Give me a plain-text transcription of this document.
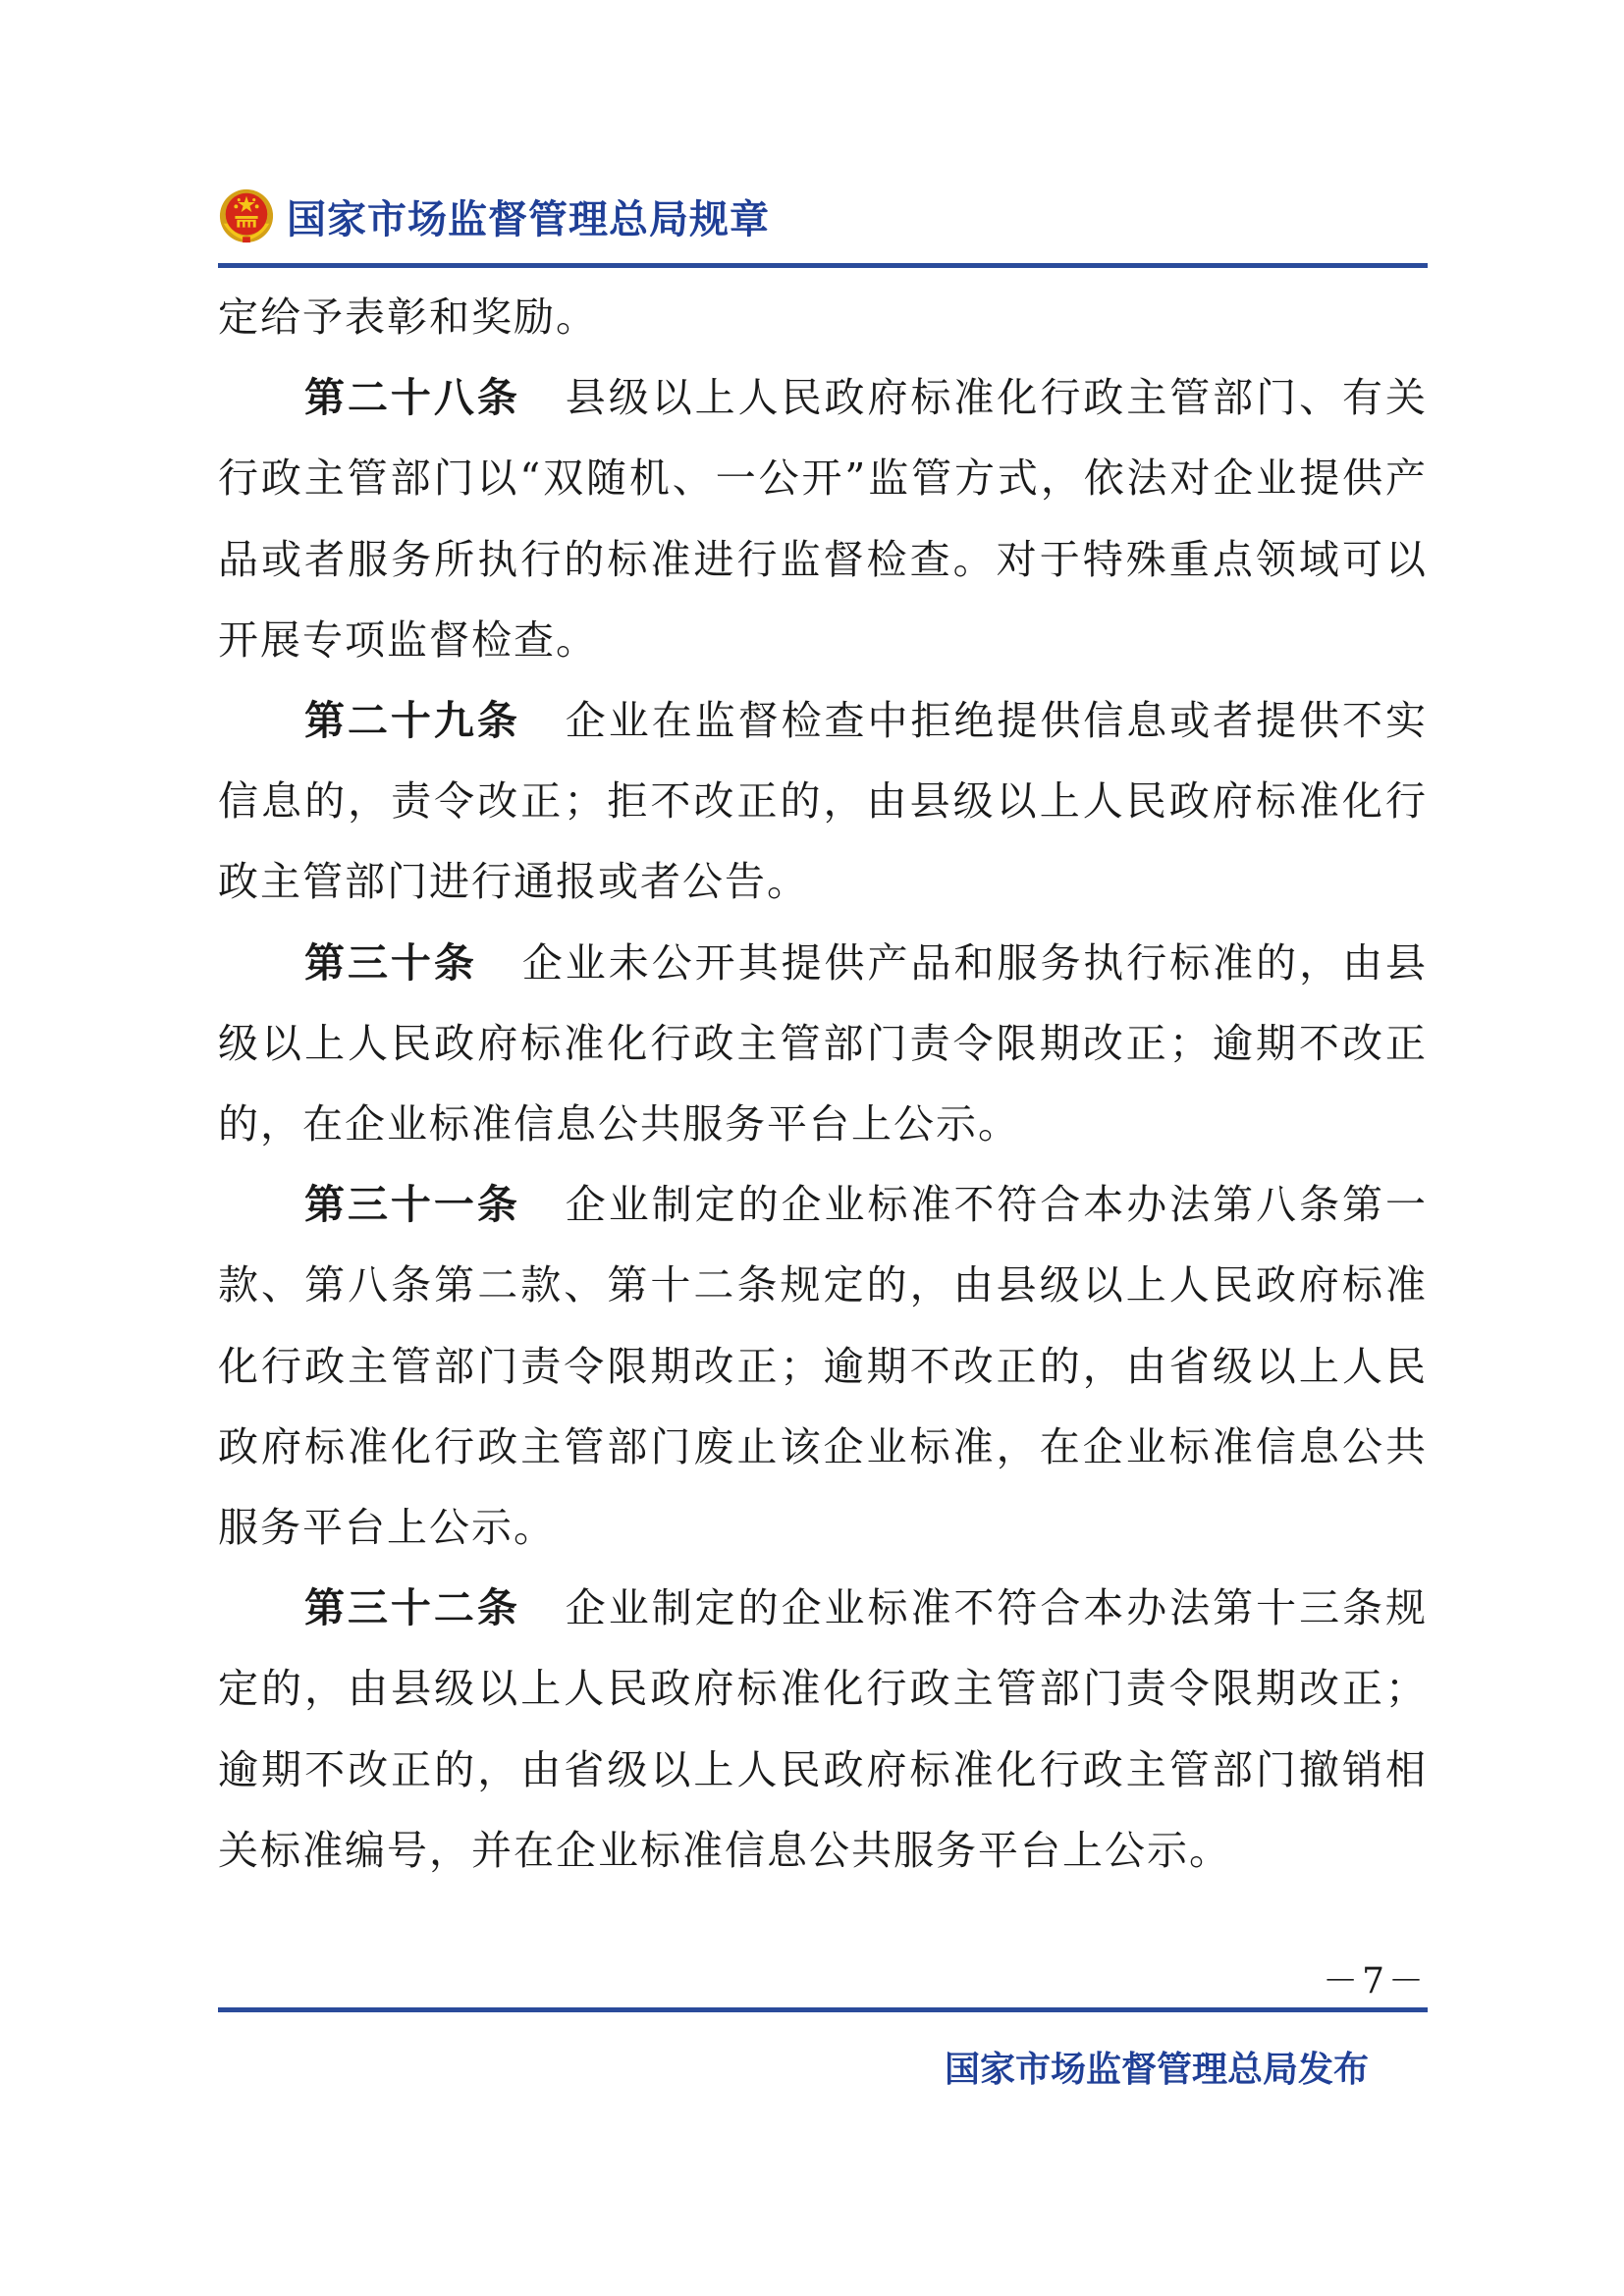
国家市场监督管理总局规章

定给予表彰和奖励。

第二十八条 县级以上人民政府标准化行政主管部门、有关行政主管部门以“双随机、一公开”监管方式，依法对企业提供产品或者服务所执行的标准进行监督检查。对于特殊重点领域可以开展专项监督检查。

第二十九条 企业在监督检查中拒绝提供信息或者提供不实信息的，责令改正；拒不改正的，由县级以上人民政府标准化行政主管部门进行通报或者公告。

第三十条 企业未公开其提供产品和服务执行标准的，由县级以上人民政府标准化行政主管部门责令限期改正；逾期不改正的，在企业标准信息公共服务平台上公示。

第三十一条 企业制定的企业标准不符合本办法第八条第一款、第八条第二款、第十二条规定的，由县级以上人民政府标准化行政主管部门责令限期改正；逾期不改正的，由省级以上人民政府标准化行政主管部门废止该企业标准，在企业标准信息公共服务平台上公示。

第三十二条 企业制定的企业标准不符合本办法第十三条规定的，由县级以上人民政府标准化行政主管部门责令限期改正；逾期不改正的，由省级以上人民政府标准化行政主管部门撤销相关标准编号，并在企业标准信息公共服务平台上公示。

－7－
国家市场监督管理总局发布
